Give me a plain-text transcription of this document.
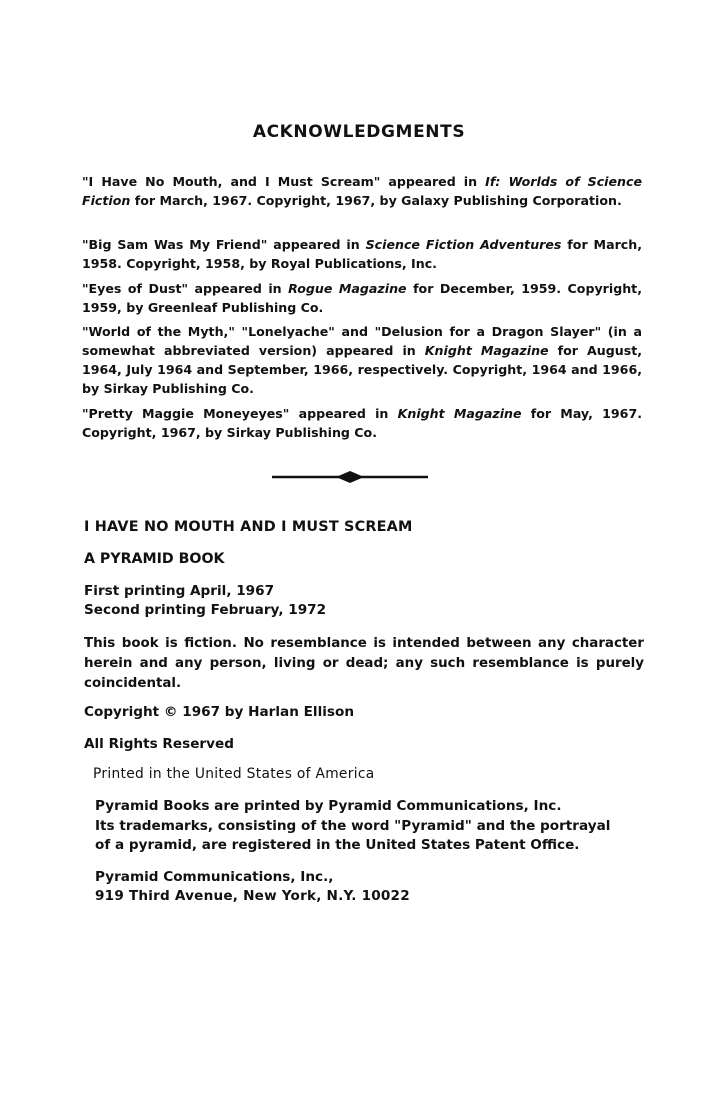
ACKNOWLEDGMENTS

"I Have No Mouth, and I Must Scream" appeared in If: Worlds of Science Fiction for March, 1967. Copyright, 1967, by Galaxy Publishing Corporation.

"Big Sam Was My Friend" appeared in Science Fiction Adventures for March, 1958. Copyright, 1958, by Royal Publications, Inc.

"Eyes of Dust" appeared in Rogue Magazine for December, 1959. Copyright, 1959, by Greenleaf Publishing Co.

"World of the Myth," "Lonelyache" and "Delusion for a Dragon Slayer" (in a somewhat abbreviated version) appeared in Knight Magazine for August, 1964, July 1964 and September, 1966, respectively. Copyright, 1964 and 1966, by Sirkay Publishing Co.

"Pretty Maggie Moneyeyes" appeared in Knight Magazine for May, 1967. Copyright, 1967, by Sirkay Publishing Co.

I HAVE NO MOUTH AND I MUST SCREAM

A PYRAMID BOOK

First printing April, 1967

Second printing February, 1972

This book is fiction. No resemblance is intended between any character herein and any person, living or dead; any such resemblance is purely coincidental.

Copyright © 1967 by Harlan Ellison

All Rights Reserved

Printed in the United States of America

Pyramid Books are printed by Pyramid Communications, Inc.

Its trademarks, consisting of the word "Pyramid" and the portrayal

of a pyramid, are registered in the United States Patent Office.

Pyramid Communications, Inc.,

919 Third Avenue, New York, N.Y. 10022
